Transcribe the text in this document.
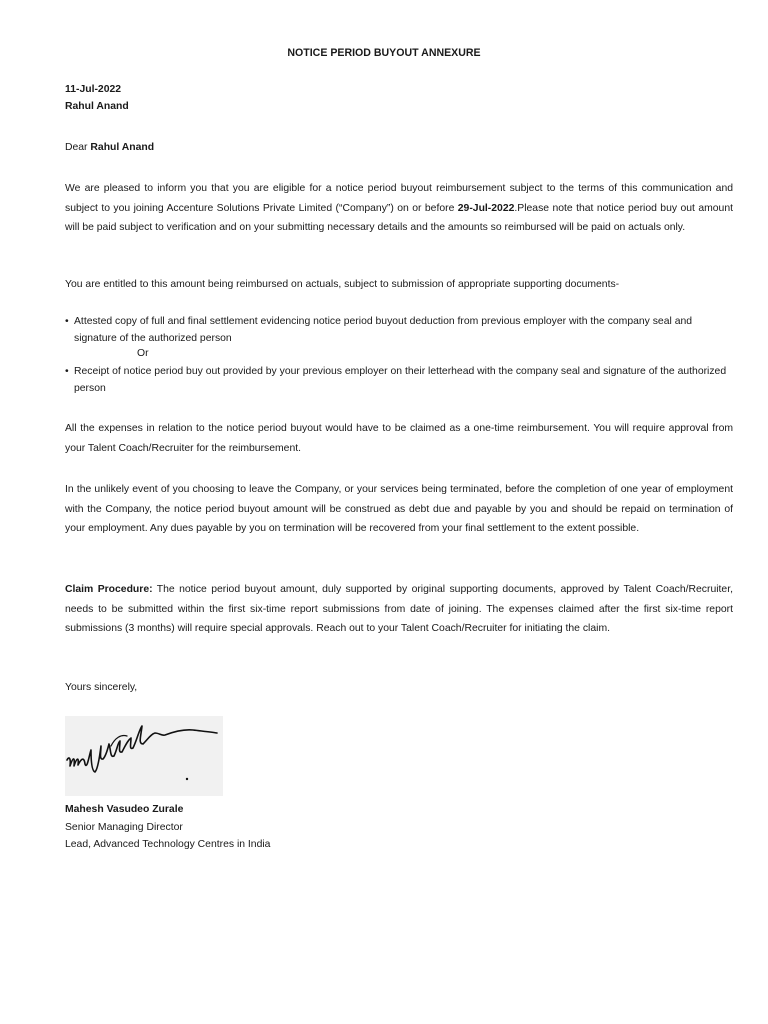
NOTICE PERIOD BUYOUT ANNEXURE
11-Jul-2022
Rahul Anand
Dear Rahul Anand
We are pleased to inform you that you are eligible for a notice period buyout reimbursement subject to the terms of this communication and subject to you joining Accenture Solutions Private Limited (“Company”) on or before 29-Jul-2022.Please note that notice period buy out amount will be paid subject to verification and on your submitting necessary details and the amounts so reimbursed will be paid on actuals only.
You are entitled to this amount being reimbursed on actuals, subject to submission of appropriate supporting documents-
• Attested copy of full and final settlement evidencing notice period buyout deduction from previous employer with the company seal and signature of the authorized person
Or
• Receipt of notice period buy out provided by your previous employer on their letterhead with the company seal and signature of the authorized person
All the expenses in relation to the notice period buyout would have to be claimed as a one-time reimbursement. You will require approval from your Talent Coach/Recruiter for the reimbursement.
In the unlikely event of you choosing to leave the Company, or your services being terminated, before the completion of one year of employment with the Company, the notice period buyout amount will be construed as debt due and payable by you and should be repaid on termination of your employment. Any dues payable by you on termination will be recovered from your final settlement to the extent possible.
Claim Procedure: The notice period buyout amount, duly supported by original supporting documents, approved by Talent Coach/Recruiter, needs to be submitted within the first six-time report submissions from date of joining. The expenses claimed after the first six-time report submissions (3 months) will require special approvals. Reach out to your Talent Coach/Recruiter for initiating the claim.
Yours sincerely,
Mahesh Vasudeo Zurale
Senior Managing Director
Lead, Advanced Technology Centres in India
